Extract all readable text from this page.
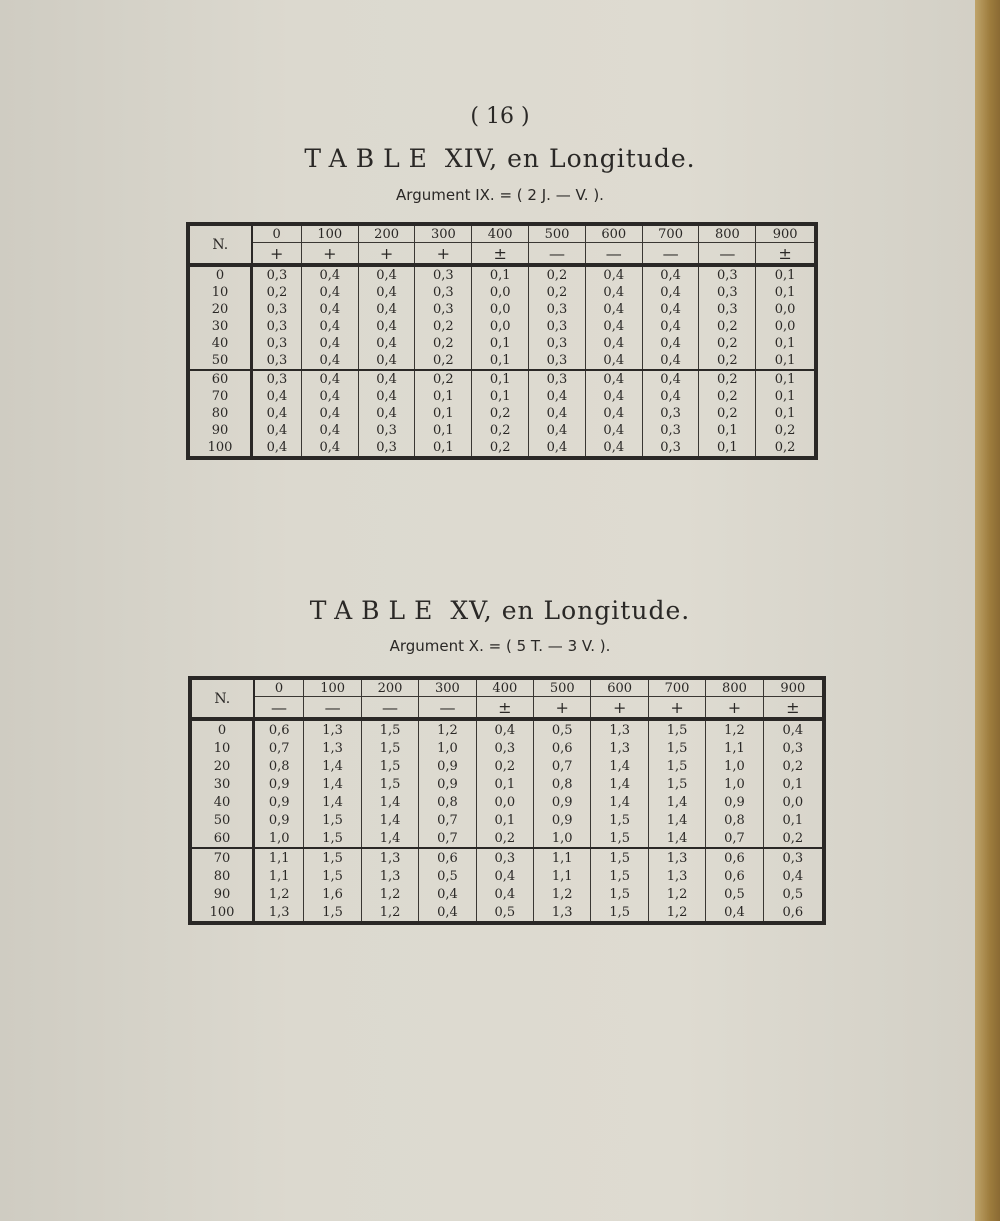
( 16 )
TABLE XIV, en Longitude.
Argument IX. = ( 2 J. — V. ).
N.	0	100	200	300	400	500	600	700	800	900
	+	+	+	+	±	—	—	—	—	±
0	0,3	0,4	0,4	0,3	0,1	0,2	0,4	0,4	0,3	0,1
10	0,2	0,4	0,4	0,3	0,0	0,2	0,4	0,4	0,3	0,1
20	0,3	0,4	0,4	0,3	0,0	0,3	0,4	0,4	0,3	0,0
30	0,3	0,4	0,4	0,2	0,0	0,3	0,4	0,4	0,2	0,0
40	0,3	0,4	0,4	0,2	0,1	0,3	0,4	0,4	0,2	0,1
50	0,3	0,4	0,4	0,2	0,1	0,3	0,4	0,4	0,2	0,1
60	0,3	0,4	0,4	0,2	0,1	0,3	0,4	0,4	0,2	0,1
70	0,4	0,4	0,4	0,1	0,1	0,4	0,4	0,4	0,2	0,1
80	0,4	0,4	0,4	0,1	0,2	0,4	0,4	0,3	0,2	0,1
90	0,4	0,4	0,3	0,1	0,2	0,4	0,4	0,3	0,1	0,2
100	0,4	0,4	0,3	0,1	0,2	0,4	0,4	0,3	0,1	0,2
TABLE XV, en Longitude.
Argument X. = ( 5 T. — 3 V. ).
N.	0	100	200	300	400	500	600	700	800	900
	—	—	—	—	±	+	+	+	+	±
0	0,6	1,3	1,5	1,2	0,4	0,5	1,3	1,5	1,2	0,4
10	0,7	1,3	1,5	1,0	0,3	0,6	1,3	1,5	1,1	0,3
20	0,8	1,4	1,5	0,9	0,2	0,7	1,4	1,5	1,0	0,2
30	0,9	1,4	1,5	0,9	0,1	0,8	1,4	1,5	1,0	0,1
40	0,9	1,4	1,4	0,8	0,0	0,9	1,4	1,4	0,9	0,0
50	0,9	1,5	1,4	0,7	0,1	0,9	1,5	1,4	0,8	0,1
60	1,0	1,5	1,4	0,7	0,2	1,0	1,5	1,4	0,7	0,2
70	1,1	1,5	1,3	0,6	0,3	1,1	1,5	1,3	0,6	0,3
80	1,1	1,5	1,3	0,5	0,4	1,1	1,5	1,3	0,6	0,4
90	1,2	1,6	1,2	0,4	0,4	1,2	1,5	1,2	0,5	0,5
100	1,3	1,5	1,2	0,4	0,5	1,3	1,5	1,2	0,4	0,6
